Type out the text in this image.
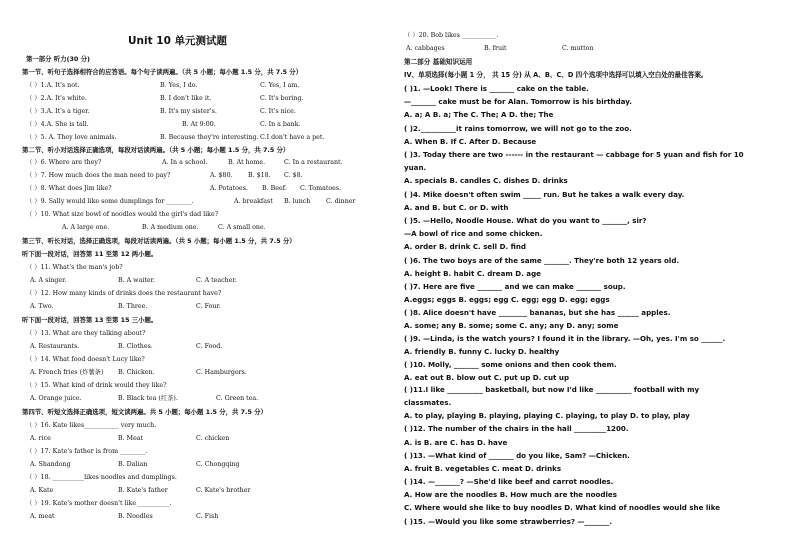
Unit 10 单元测试题
第一部分 听力(30 分)
第一节、听句子选择相符合的应答语。每个句子读两遍。（共 5 小题；每小题 1.5 分，共 7.5 分）
（ ）1.A. It's not.	B. Yes, I do.	C. Yes, I am.
（ ）2.A. It's white.	B. I don't like it.	C. It's boring.
（ ）3.A. It's a tiger.	B. It's my sister's.	C. It's nice.
（ ）4.A. She is tall.	B. At 9:00.	C. In a bank.
（ ）5. A. They love animals.	B. Because they're interesting. C.I don't have a pet.
第二节、听小对话选择正确选项，每段对话读两遍。（共 5 小题；每小题 1.5 分，共 7.5 分）
（ ）6. Where are they?	A. In a school.	B. At home.	C. In a restaurant.
（ ）7. How much does the man need to pay?	A. $80. B. $18. C. $8.
（ ）8. What does Jim like?	A. Potatoes. B. Beef. C. Tomatoes.
（ ）9. Sally would like some dumplings for ________.	A. breakfast B. lunch C. dinner
（ ）10. What size bowl of noodles would the girl's dad like?
A. A large one.	B. A medium one.	C. A small one.
第三节、听长对话，选择正确选项，每段对话读两遍。（共 5 小题；每小题 1.5 分，共 7.5 分）
听下面一段对话，回答第 11 至第 12 两小题。
（ ）11. What's the man's job?
A. A singer.	B. A waiter.	C. A teacher.
（ ）12. How many kinds of drinks does the restaurant have?
A. Two.	B. Three.	C. Four.
听下面一段对话，回答第 13 至第 15 三小题。
（ ）13. What are they talking about?
A. Restaurants.	B. Clothes.	C. Food.
（ ）14. What food doesn't Lucy like?
A. French fries (炸薯条) B. Chicken.	C. Hamburgers.
（ ）15. What kind of drink would they like?
A. Orange juice.	B. Black tea (红茶).	C. Green tea.
第四节、听短文选择正确选项，短文读两遍。共 5 小题；每小题 1.5 分，共 7.5 分）
（ ）16. Kate likes___________ very much.
A. rice	B. Meat	C. chicken
（ ）17. Kate's father is from ________.
A. Shandong	B. Dalian	C. Chongqing
（ ）18. __________likes noodles and dumplings.
A. Kate	B. Kate's father	C. Kate's brother
（ ）19. Kate's mother doesn't like __________.
A. meat	B. Noodles	C. Fish
（ ）20. Bob likes ___________.
A. cabbages	B. fruit	C. mutton
第二部分 基础知识运用
IV、单项选择(每小题 1 分， 共 15 分) 从 A、B、C、D 四个选项中选择可以填入空白处的最佳答案。
( )1. —Look! There is _______ cake on the table.
—_______ cake must be for Alan. Tomorrow is his birthday.
A. a; A B. a; The C. The; A D. the; The
( )2.__________it rains tomorrow, we will not go to the zoo.
A. When B. If C. After D. Because
( )3. Today there are two ------ in the restaurant — cabbage for 5 yuan and fish for 10
yuan.
A. specials B. candles C. dishes D. drinks
( )4. Mike doesn't often swim _____ run. But he takes a walk every day.
A. and B. but C. or D. with
( )5. —Hello, Noodle House. What do you want to _______, sir?
—A bowl of rice and some chicken.
A. order B. drink C. sell D. find
( )6. The two boys are of the same _______. They're both 12 years old.
A. height B. habit C. dream D. age
( )7. Here are five _______ and we can make _______ soup.
A.eggs; eggs B. eggs; egg C. egg; egg D. egg; eggs
( )8. Alice doesn't have ________ bananas, but she has ______ apples.
A. some; any B. some; some C. any; any D. any; some
( )9. —Linda, is the watch yours? I found it in the library. —Oh, yes. I'm so ______.
A. friendly B. funny C. lucky D. healthy
( )10. Molly, _______ some onions and then cook them.
A. eat out B. blow out C. put up D. cut up
( )11.I like __________ basketball, but now I'd like __________ football with my
classmates.
A. to play, playing B. playing, playing C. playing, to play D. to play, play
( )12. The number of the chairs in the hall _________1200.
A. is B. are C. has D. have
( )13. —What kind of _______ do you like, Sam? —Chicken.
A. fruit B. vegetables C. meat D. drinks
( )14. —_______? —She'd like beef and carrot noodles.
A. How are the noodles B. How much are the noodles
C. Where would she like to buy noodles D. What kind of noodles would she like
( )15. —Would you like some strawberries? —_______.
